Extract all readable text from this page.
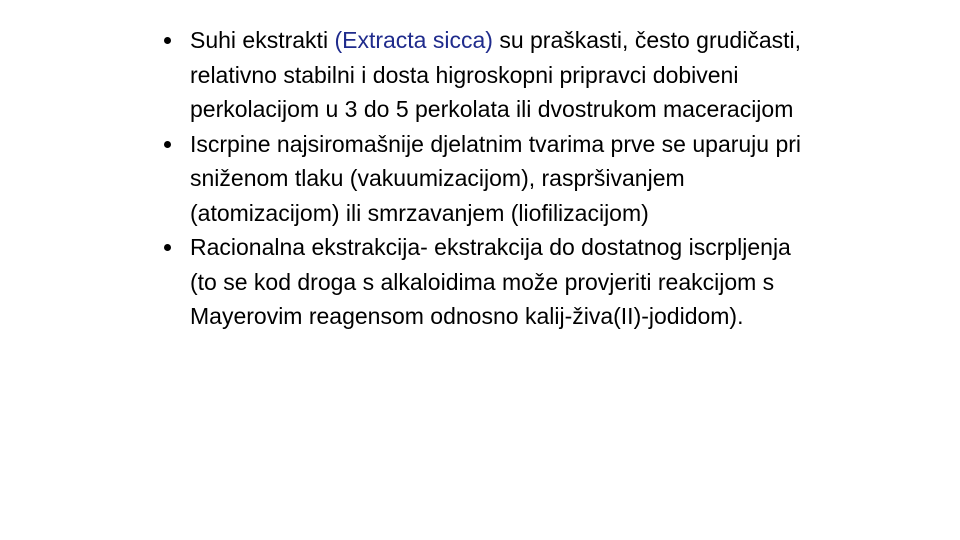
Suhi ekstrakti (Extracta sicca) su praškasti, često grudičasti, relativno stabilni i dosta higroskopni pripravci dobiveni perkolacijom u 3 do 5 perkolata ili dvostrukom maceracijom
Iscrpine najsiromašnije djelatnim tvarima prve se uparuju pri sniženom tlaku (vakuumizacijom), raspršivanjem (atomizacijom) ili smrzavanjem (liofilizacijom)
Racionalna ekstrakcija- ekstrakcija do dostatnog iscrpljenja (to se kod droga s alkaloidima može provjeriti reakcijom s Mayerovim reagensom odnosno kalij-živa(II)-jodidom).
